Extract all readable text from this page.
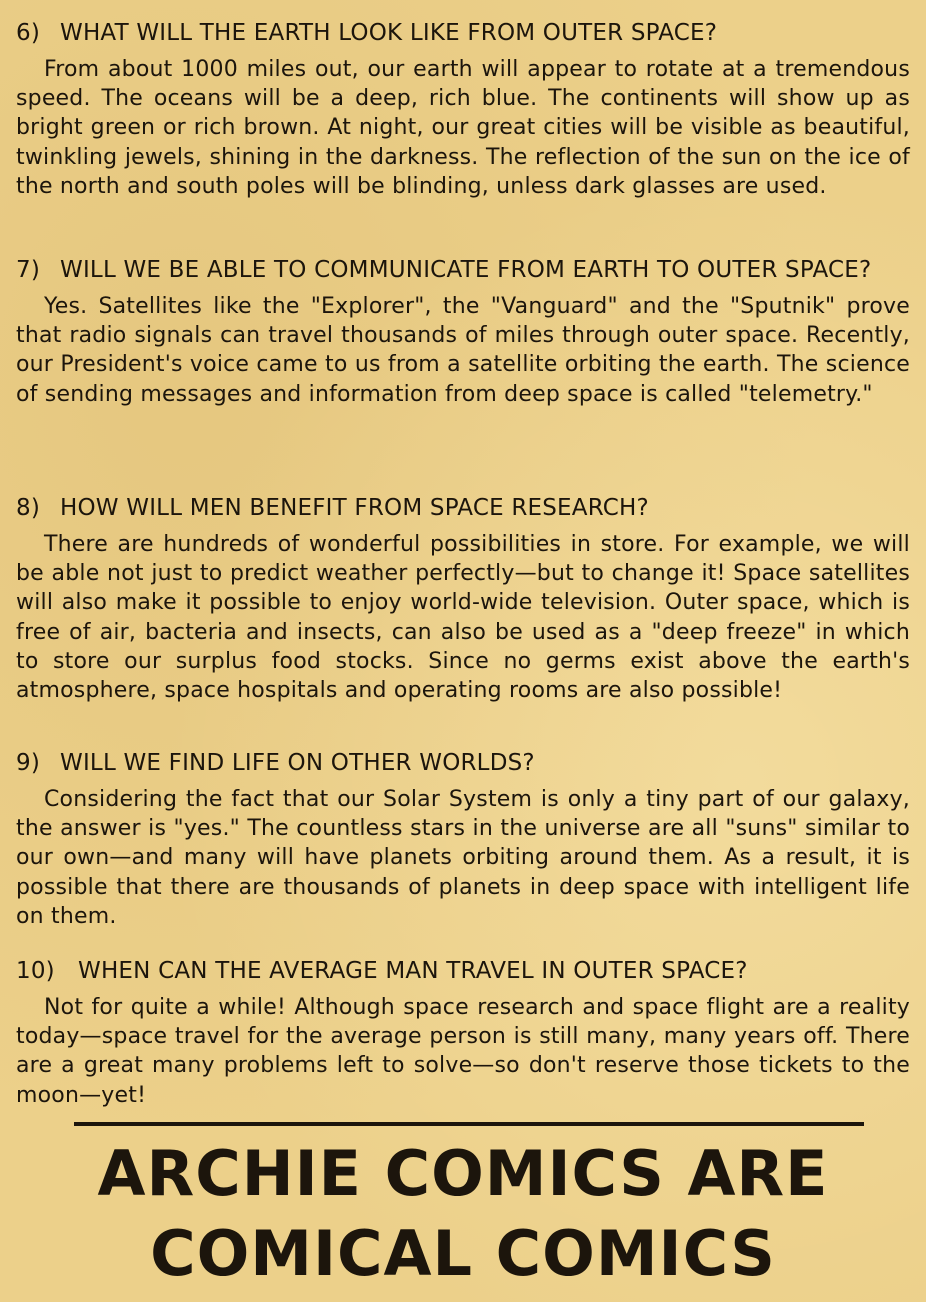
6) WHAT WILL THE EARTH LOOK LIKE FROM OUTER SPACE?

From about 1000 miles out, our earth will appear to rotate at a tremendous speed. The oceans will be a deep, rich blue. The continents will show up as bright green or rich brown. At night, our great cities will be visible as beautiful, twinkling jewels, shining in the darkness. The reflection of the sun on the ice of the north and south poles will be blinding, unless dark glasses are used.

7) WILL WE BE ABLE TO COMMUNICATE FROM EARTH TO OUTER SPACE?

Yes. Satellites like the "Explorer", the "Vanguard" and the "Sputnik" prove that radio signals can travel thousands of miles through outer space. Recently, our President's voice came to us from a satellite orbiting the earth. The science of sending messages and information from deep space is called "telemetry."

8) HOW WILL MEN BENEFIT FROM SPACE RESEARCH?

There are hundreds of wonderful possibilities in store. For example, we will be able not just to predict weather perfectly—but to change it! Space satellites will also make it possible to enjoy world-wide television. Outer space, which is free of air, bacteria and insects, can also be used as a "deep freeze" in which to store our surplus food stocks. Since no germs exist above the earth's atmosphere, space hospitals and operating rooms are also possible!

9) WILL WE FIND LIFE ON OTHER WORLDS?

Considering the fact that our Solar System is only a tiny part of our galaxy, the answer is "yes." The countless stars in the universe are all "suns" similar to our own—and many will have planets orbiting around them. As a result, it is possible that there are thousands of planets in deep space with intelligent life on them.

10) WHEN CAN THE AVERAGE MAN TRAVEL IN OUTER SPACE?

Not for quite a while! Although space research and space flight are a reality today—space travel for the average person is still many, many years off. There are a great many problems left to solve—so don't reserve those tickets to the moon—yet!

ARCHIE COMICS ARE
COMICAL COMICS
